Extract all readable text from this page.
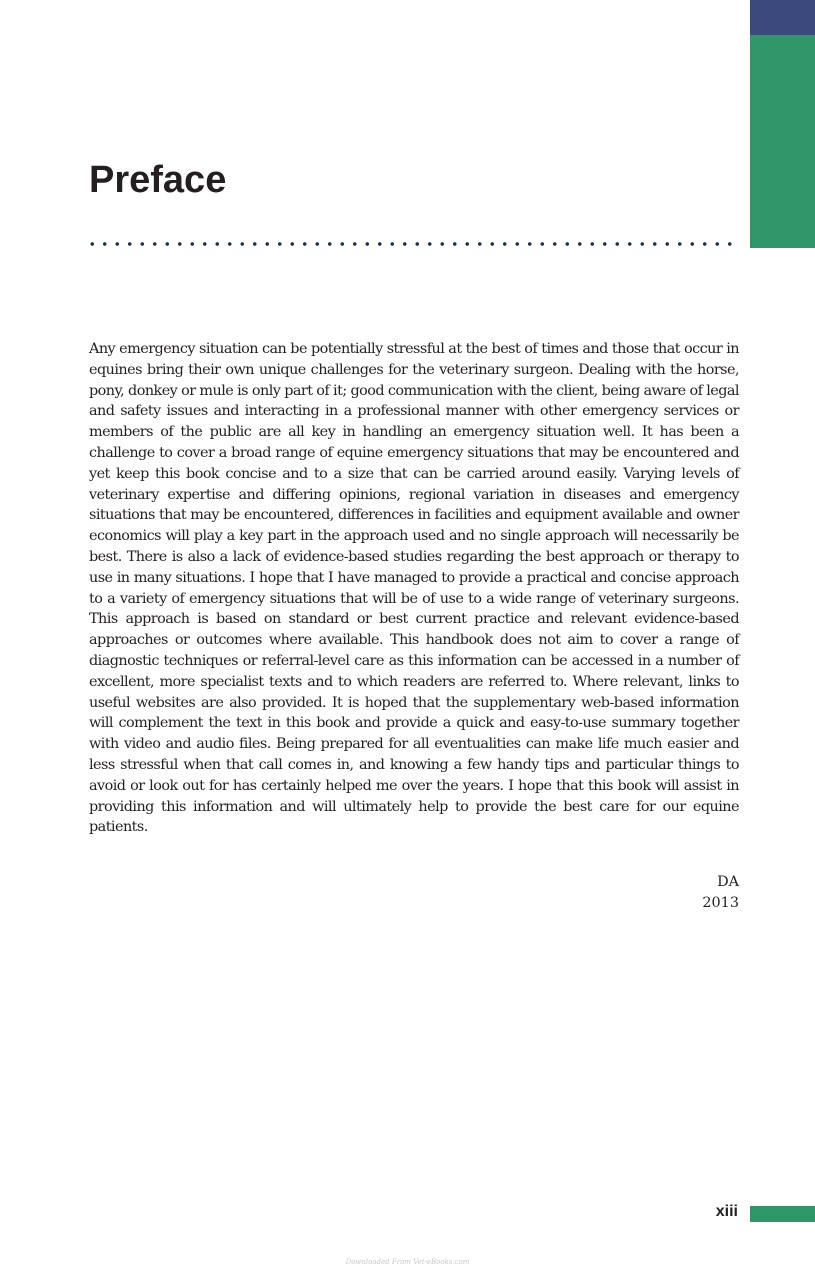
Preface

Any emergency situation can be potentially stressful at the best of times and those that occur in equines bring their own unique challenges for the veterinary surgeon. Dealing with the horse, pony, donkey or mule is only part of it; good communication with the client, being aware of legal and safety issues and interacting in a professional manner with other emergency services or members of the public are all key in handling an emergency situation well. It has been a challenge to cover a broad range of equine emergency situations that may be encountered and yet keep this book concise and to a size that can be carried around easily. Varying levels of veterinary expertise and differing opinions, regional variation in diseases and emergency situations that may be encountered, differences in facilities and equipment available and owner economics will play a key part in the approach used and no single approach will necessarily be best. There is also a lack of evidence-based studies regarding the best approach or therapy to use in many situations. I hope that I have managed to provide a practical and concise approach to a variety of emergency situations that will be of use to a wide range of veterinary surgeons. This approach is based on standard or best current practice and relevant evidence-based approaches or outcomes where available. This handbook does not aim to cover a range of diagnostic techniques or referral-level care as this information can be accessed in a number of excellent, more specialist texts and to which readers are referred to. Where relevant, links to useful websites are also provided. It is hoped that the supplementary web-based information will complement the text in this book and provide a quick and easy-to-use summary together with video and audio files. Being prepared for all eventualities can make life much easier and less stressful when that call comes in, and knowing a few handy tips and particular things to avoid or look out for has certainly helped me over the years. I hope that this book will assist in providing this information and will ultimately help to provide the best care for our equine patients.

DA
2013
xiii
Downloaded From Vet-eBooks.com
